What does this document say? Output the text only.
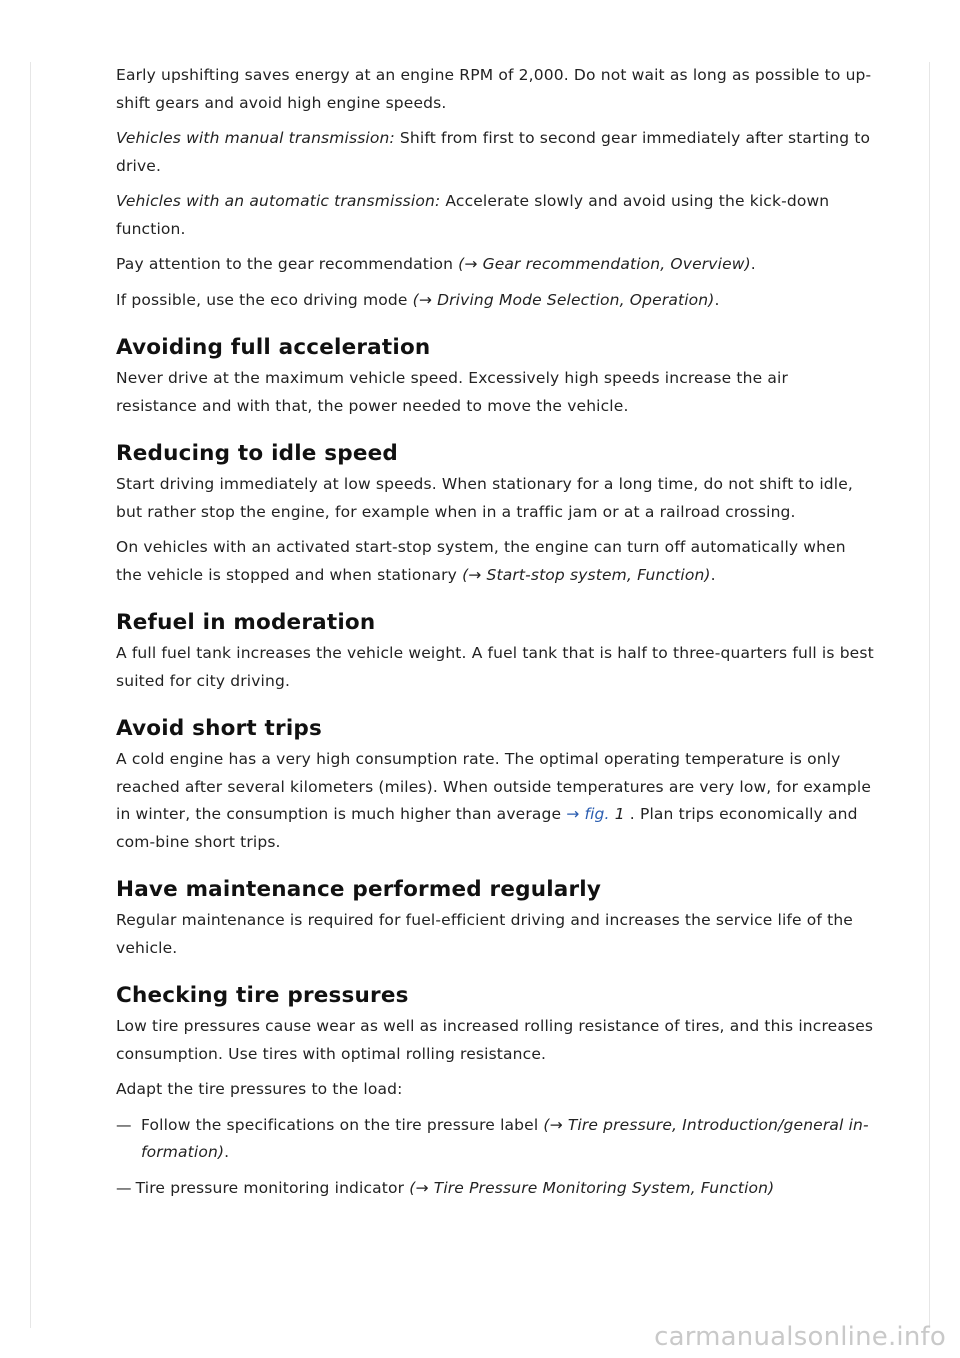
Early upshifting saves energy at an engine RPM of 2,000. Do not wait as long as possible to up-shift gears and avoid high engine speeds.

Vehicles with manual transmission: Shift from first to second gear immediately after starting to drive.

Vehicles with an automatic transmission: Accelerate slowly and avoid using the kick-down function.

Pay attention to the gear recommendation (→ Gear recommendation, Overview).

If possible, use the eco driving mode (→ Driving Mode Selection, Operation).

Avoiding full acceleration

Never drive at the maximum vehicle speed. Excessively high speeds increase the air resistance and with that, the power needed to move the vehicle.

Reducing to idle speed

Start driving immediately at low speeds. When stationary for a long time, do not shift to idle, but rather stop the engine, for example when in a traffic jam or at a railroad crossing.

On vehicles with an activated start-stop system, the engine can turn off automatically when the vehicle is stopped and when stationary (→ Start-stop system, Function).

Refuel in moderation

A full fuel tank increases the vehicle weight. A fuel tank that is half to three-quarters full is best suited for city driving.

Avoid short trips

A cold engine has a very high consumption rate. The optimal operating temperature is only reached after several kilometers (miles). When outside temperatures are very low, for example in winter, the consumption is much higher than average → fig. 1 . Plan trips economically and com-bine short trips.

Have maintenance performed regularly

Regular maintenance is required for fuel-efficient driving and increases the service life of the vehicle.

Checking tire pressures

Low tire pressures cause wear as well as increased rolling resistance of tires, and this increases consumption. Use tires with optimal rolling resistance.

Adapt the tire pressures to the load:

— Follow the specifications on the tire pressure label (→ Tire pressure, Introduction/general in-formation).

— Tire pressure monitoring indicator (→ Tire Pressure Monitoring System, Function)

carmanualsonline.info
